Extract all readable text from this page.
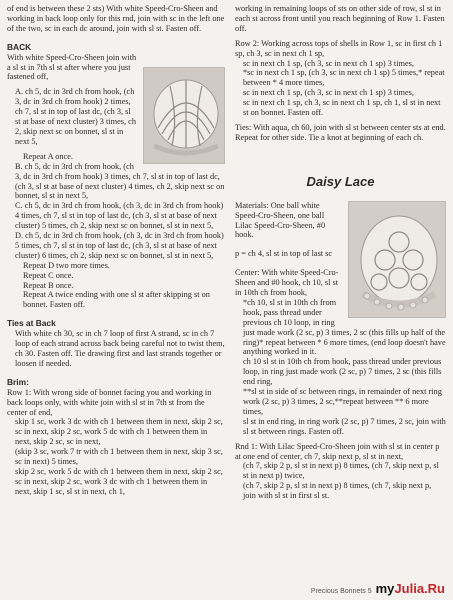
of end is between these 2 sts) With white Speed-Cro-Sheen and working in back loop only for this rnd, join with sc in the left one of the two, sc in each dc around, join with sl st. Fasten off.

BACK

With white Speed-Cro-Sheen join with a sl st in 7th sl st after where you just fastened off,

A. ch 5, dc in 3rd ch from hook, (ch 3, dc in 3rd ch from hook) 2 times, ch 7, sl st in top of last dc, (ch 3, sl st at base of next cluster) 3 times, ch 2, skip next sc on bonnet, sl st in next 5,

Repeat A once.

B. ch 5, dc in 3rd ch from hook, (ch 3, dc in 3rd ch from hook) 3 times, ch 7, sl st in top of last dc, (ch 3, sl st at base of next cluster) 4 times, ch 2, skip next sc on bonnet, sl st in next 5,

C. ch 5, dc in 3rd ch from hook, (ch 3, dc in 3rd ch from hook) 4 times, ch 7, sl st in top of last dc, (ch 3, sl st at base of next cluster) 5 times, ch 2, skip next sc on bonnet, sl st in next 5,

D. ch 5, dc in 3rd ch from hook, (ch 3, dc in 3rd ch from hook) 5 times, ch 7, sl st in top of last dc, (ch 3, sl st at base of next cluster) 6 times, ch 2, skip next sc on bonnet, sl st in next 5,

Repeat D two more times.

Repeat C once.

Repeat B once.

Repeat A twice ending with one sl st after skipping st on bonnet. Fasten off.

Ties at Back

With white ch 30, sc in ch 7 loop of first A strand, sc in ch 7 loop of each strand across back being careful not to twist them, ch 30. Fasten off. Tie drawing first and last strands together or loosen if needed.

Brim:

Row 1: With wrong side of bonnet facing you and working in back loops only, with white join with sl st in 7th st from the center of end,

skip 1 sc, work 3 dc with ch 1 between them in next, skip 2 sc, sc in next, skip 2 sc, work 5 dc with ch 1 between them in next, skip 2 sc, sc in next,

(skip 3 sc, work 7 tr with ch 1 between them in next, skip 3 sc, sc in next) 5 times,

skip 2 sc, work 5 dc with ch 1 between them in next, skip 2 sc, sc in next, skip 2 sc, work 3 dc with ch 1 between them in next, skip 1 sc, sl st in next, ch 1,

working in remaining loops of sts on other side of row, sl st in each st across front until you reach beginning of Row 1. Fasten off.

Row 2: Working across tops of shells in Row 1, sc in first ch 1 sp, ch 3, sc in next ch 1 sp,

sc in next ch 1 sp, (ch 3, sc in next ch 1 sp) 3 times,

*sc in next ch 1 sp, (ch 3, sc in next ch 1 sp) 5 times,* repeat between * 4 more times,

sc in next ch 1 sp, (ch 3, sc in next ch 1 sp) 3 times,

sc in next ch 1 sp, ch 3, sc in next ch 1 sp, ch 1, sl st in next st on bonnet. Fasten off.

Ties: With aqua, ch 60, join with sl st between center sts at end. Repeat for other side. Tie a knot at beginning of each ch.

Daisy Lace

Materials: One ball white Speed-Cro-Sheen, one ball Lilac Speed-Cro-Sheen, #0 hook.

p = ch 4, sl st in top of last sc

Center: With white Speed-Cro-Sheen and #0 hook, ch 10, sl st in 10th ch from hook,

*ch 10, sl st in 10th ch from hook, pass thread under previous ch 10 loop, in ring just made work (2 sc, p) 3 times, 2 sc (this fills up half of the ring)* repeat between * 6 more times, (end loop doesn't have anything worked in it.

ch 10 sl st in 10th ch from hook, pass thread under previous loop, in ring just made work (2 sc, p) 7 times, 2 sc (this fills end ring,

**sl st in side of sc between rings, in remainder of next ring work (2 sc, p) 3 times, 2 sc,**repeat between ** 6 more times,

sl st in end ring, in ring work (2 sc, p) 7 times, 2 sc, join with sl st between rings. Fasten off.

Rnd 1: With Lilac Speed-Cro-Sheen join with sl st in center p at one end of center, ch 7, skip next p, sl st in next,

(ch 7, skip 2 p, sl st in next p) 8 times, (ch 7, skip next p, sl st in next p) twice,

(ch 7, skip 2 p, sl st in next p) 8 times, (ch 7, skip next p, join with sl st in first sl st.

Precious Bonnets 5 myJulia.Ru
